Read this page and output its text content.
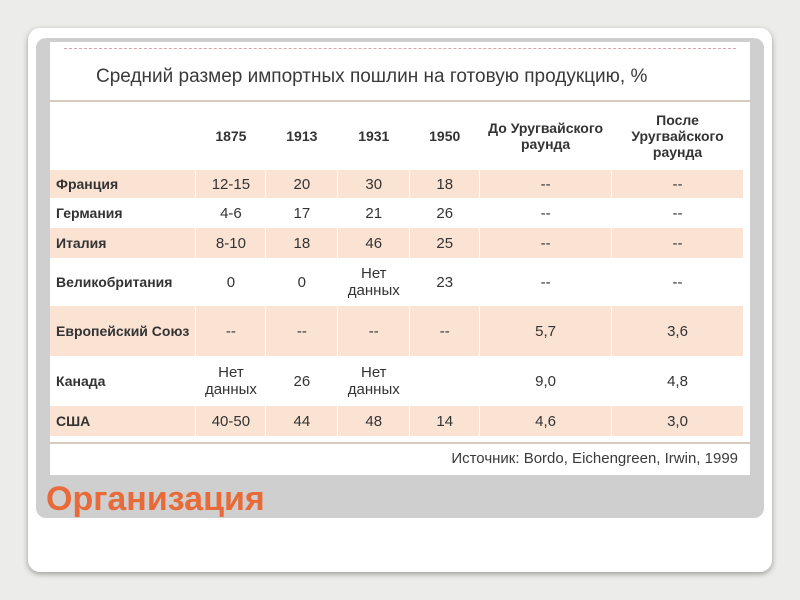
Организация
Средний размер импортных пошлин на готовую продукцию, %
	1875	1913	1931	1950	До Уругвайского раунда	После Уругвайского раунда
Франция	12-15	20	30	18	--	--
Германия	4-6	17	21	26	--	--
Италия	8-10	18	46	25	--	--
Великобритания	0	0	Нет данных	23	--	--
Европейский Союз	--	--	--	--	5,7	3,6
Канада	Нет данных	26	Нет данных		9,0	4,8
США	40-50	44	48	14	4,6	3,0
Источник: Bordo, Eichengreen, Irwin, 1999
